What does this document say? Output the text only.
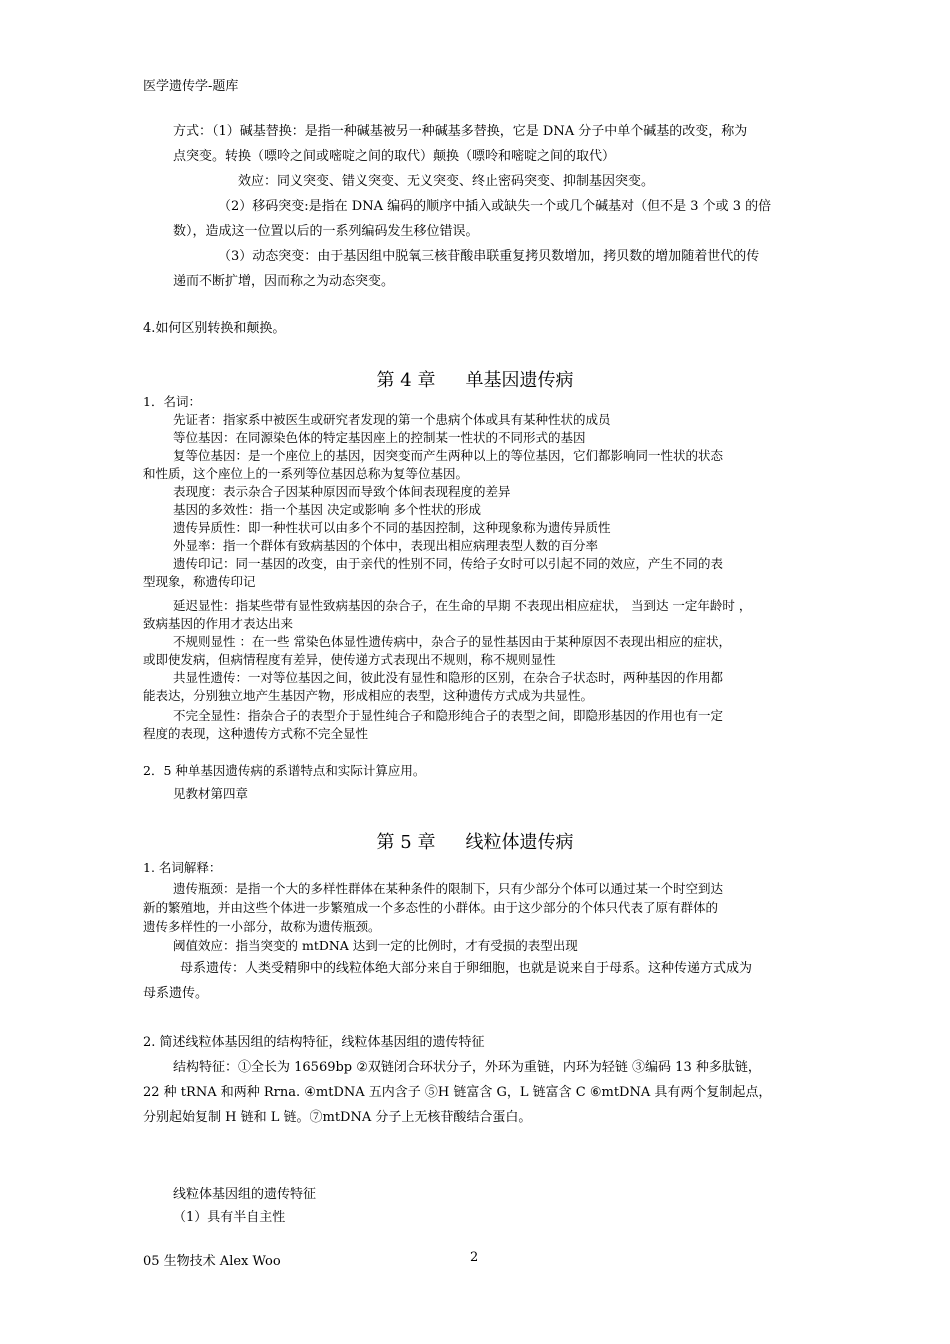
医学遗传学-题库
方式：（1）碱基替换：是指一种碱基被另一种碱基多替换，它是 DNA 分子中单个碱基的改变，称为
点突变。转换（嘌呤之间或嘧啶之间的取代）颠换（嘌呤和嘧啶之间的取代）
效应：同义突变、错义突变、无义突变、终止密码突变、抑制基因突变。
（2）移码突变:是指在 DNA 编码的顺序中插入或缺失一个或几个碱基对（但不是 3 个或 3 的倍
数），造成这一位置以后的一系列编码发生移位错误。
（3）动态突变：由于基因组中脱氧三核苷酸串联重复拷贝数增加，拷贝数的增加随着世代的传
递而不断扩增，因而称之为动态突变。
4.如何区别转换和颠换。
第 4 章 单基因遗传病
1．名词：
先证者：指家系中被医生或研究者发现的第一个患病个体或具有某种性状的成员
等位基因：在同源染色体的特定基因座上的控制某一性状的不同形式的基因
复等位基因：是一个座位上的基因，因突变而产生两种以上的等位基因，它们都影响同一性状的状态
和性质，这个座位上的一系列等位基因总称为复等位基因。
表现度：表示杂合子因某种原因而导致个体间表现程度的差异
基因的多效性：指一个基因 决定或影响 多个性状的形成
遗传异质性：即一种性状可以由多个不同的基因控制，这种现象称为遗传异质性
外显率：指一个群体有致病基因的个体中，表现出相应病理表型人数的百分率
遗传印记：同一基因的改变，由于亲代的性别不同，传给子女时可以引起不同的效应，产生不同的表
型现象，称遗传印记
延迟显性：指某些带有显性致病基因的杂合子，在生命的早期 不表现出相应症状， 当到达 一定年龄时 ，
致病基因的作用才表达出来
不规则显性 ：在一些 常染色体显性遗传病中，杂合子的显性基因由于某种原因不表现出相应的症状，
或即使发病，但病情程度有差异，使传递方式表现出不规则，称不规则显性
共显性遗传：一对等位基因之间，彼此没有显性和隐形的区别，在杂合子状态时，两种基因的作用都
能表达，分别独立地产生基因产物，形成相应的表型，这种遗传方式成为共显性。
不完全显性：指杂合子的表型介于显性纯合子和隐形纯合子的表型之间，即隐形基因的作用也有一定
程度的表现，这种遗传方式称不完全显性
2．5 种单基因遗传病的系谱特点和实际计算应用。
见教材第四章
第 5 章 线粒体遗传病
1. 名词解释：
遗传瓶颈：是指一个大的多样性群体在某种条件的限制下，只有少部分个体可以通过某一个时空到达
新的繁殖地，并由这些个体进一步繁殖成一个多态性的小群体。由于这少部分的个体只代表了原有群体的
遗传多样性的一小部分，故称为遗传瓶颈。
阈值效应：指当突变的 mtDNA 达到一定的比例时，才有受损的表型出现
母系遗传：人类受精卵中的线粒体绝大部分来自于卵细胞，也就是说来自于母系。这种传递方式成为
母系遗传。
2. 简述线粒体基因组的结构特征，线粒体基因组的遗传特征
结构特征：①全长为 16569bp ②双链闭合环状分子，外环为重链，内环为轻链 ③编码 13 种多肽链，
22 种 tRNA 和两种 Rrna. ④mtDNA 五内含子 ⑤H 链富含 G，L 链富含 C ⑥mtDNA 具有两个复制起点，
分别起始复制 H 链和 L 链。⑦mtDNA 分子上无核苷酸结合蛋白。
线粒体基因组的遗传特征
（1）具有半自主性
05 生物技术 Alex Woo	2
